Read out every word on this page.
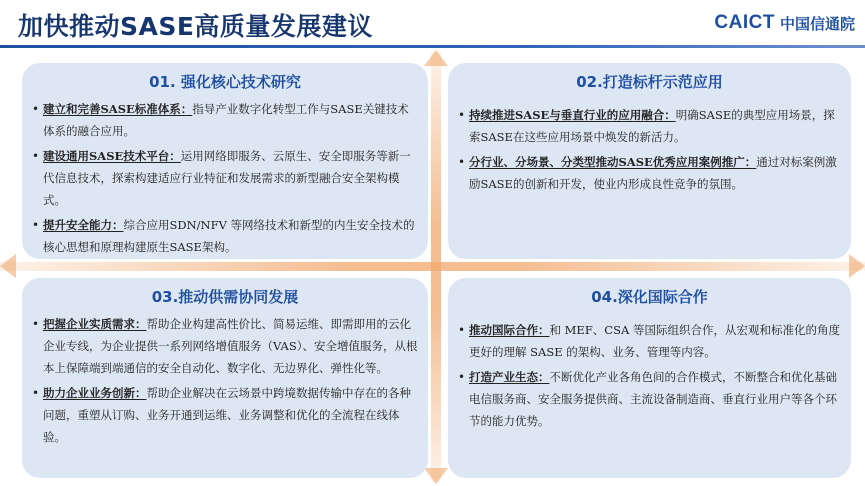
加快推动SASE高质量发展建议	CAICT 中国信通院
01. 强化核心技术研究
• 建立和完善SASE标准体系：指导产业数字化转型工作与SASE关键技术体系的融合应用。
• 建设通用SASE技术平台：运用网络即服务、云原生、安全即服务等新一代信息技术，探索构建适应行业特征和发展需求的新型融合安全架构模式。
• 提升安全能力：综合应用SDN/NFV 等网络技术和新型的内生安全技术的核心思想和原理构建原生SASE架构。
02.打造标杆示范应用
• 持续推进SASE与垂直行业的应用融合：明确SASE的典型应用场景，探索SASE在这些应用场景中焕发的新活力。
• 分行业、分场景、分类型推动SASE优秀应用案例推广：通过对标案例激励SASE的创新和开发，使业内形成良性竞争的氛围。
03.推动供需协同发展
• 把握企业实质需求：帮助企业构建高性价比、简易运维、即需即用的云化企业专线，为企业提供一系列网络增值服务（VAS）、安全增值服务，从根本上保障端到端通信的安全自动化、数字化、无边界化、弹性化等。
• 助力企业业务创新：帮助企业解决在云场景中跨境数据传输中存在的各种问题，重塑从订购、业务开通到运维、业务调整和优化的全流程在线体验。
04.深化国际合作
• 推动国际合作：和 MEF、CSA 等国际组织合作，从宏观和标准化的角度更好的理解 SASE 的架构、业务、管理等内容。
• 打造产业生态：不断优化产业各角色间的合作模式，不断整合和优化基础电信服务商、安全服务提供商、主流设备制造商、垂直行业用户等各个环节的能力优势。
